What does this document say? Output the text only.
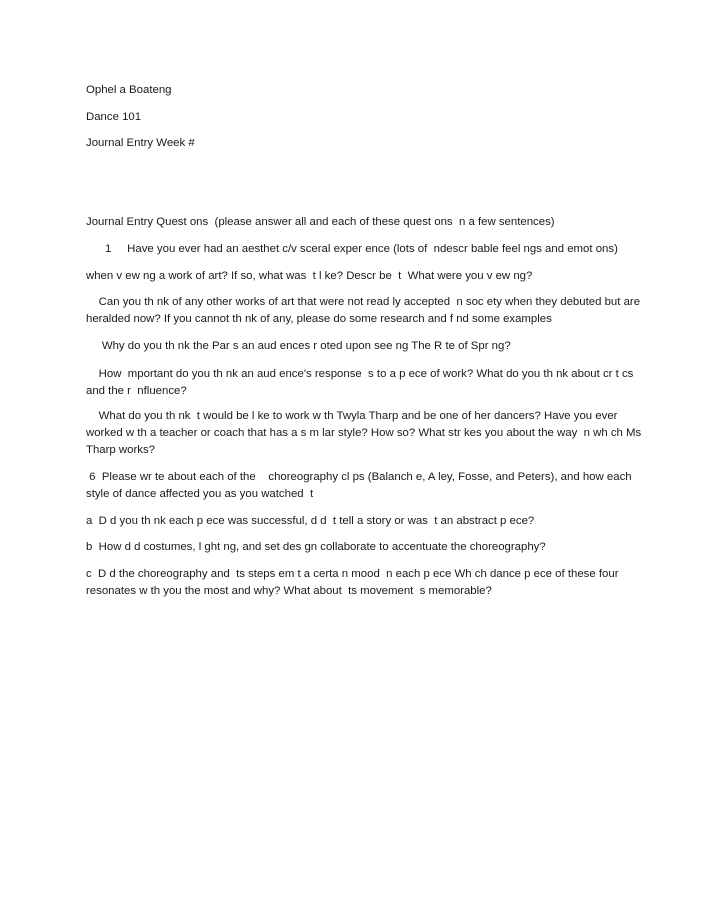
Ophel a Boateng
Dance 101
Journal Entry Week #
Journal Entry Quest ons  (please answer all and each of these quest ons  n a few sentences)
1     Have you ever had an aesthet c/v sceral exper ence (lots of  ndescr bable feel ngs and emot ons)
when v ew ng a work of art? If so, what was  t l ke? Descr be  t  What were you v ew ng?
Can you th nk of any other works of art that were not read ly accepted  n soc ety when they debuted but are heralded now? If you cannot th nk of any, please do some research and f nd some examples
Why do you th nk the Par s an aud ences r oted upon see ng The R te of Spr ng?
How  mportant do you th nk an aud ence's response  s to a p ece of work? What do you th nk about cr t cs and the r  nfluence?
What do you th nk  t would be l ke to work w th Twyla Tharp and be one of her dancers? Have you ever worked w th a teacher or coach that has a s m lar style? How so? What str kes you about the way  n wh ch Ms  Tharp works?
6  Please wr te about each of the    choreography cl ps (Balanch e, A ley, Fosse, and Peters), and how each style of dance affected you as you watched  t
a  D d you th nk each p ece was successful, d d  t tell a story or was  t an abstract p ece?
b  How d d costumes, l ght ng, and set des gn collaborate to accentuate the choreography?
c  D d the choreography and  ts steps em t a certa n mood  n each p ece Wh ch dance p ece of these four resonates w th you the most and why? What about  ts movement  s memorable?
